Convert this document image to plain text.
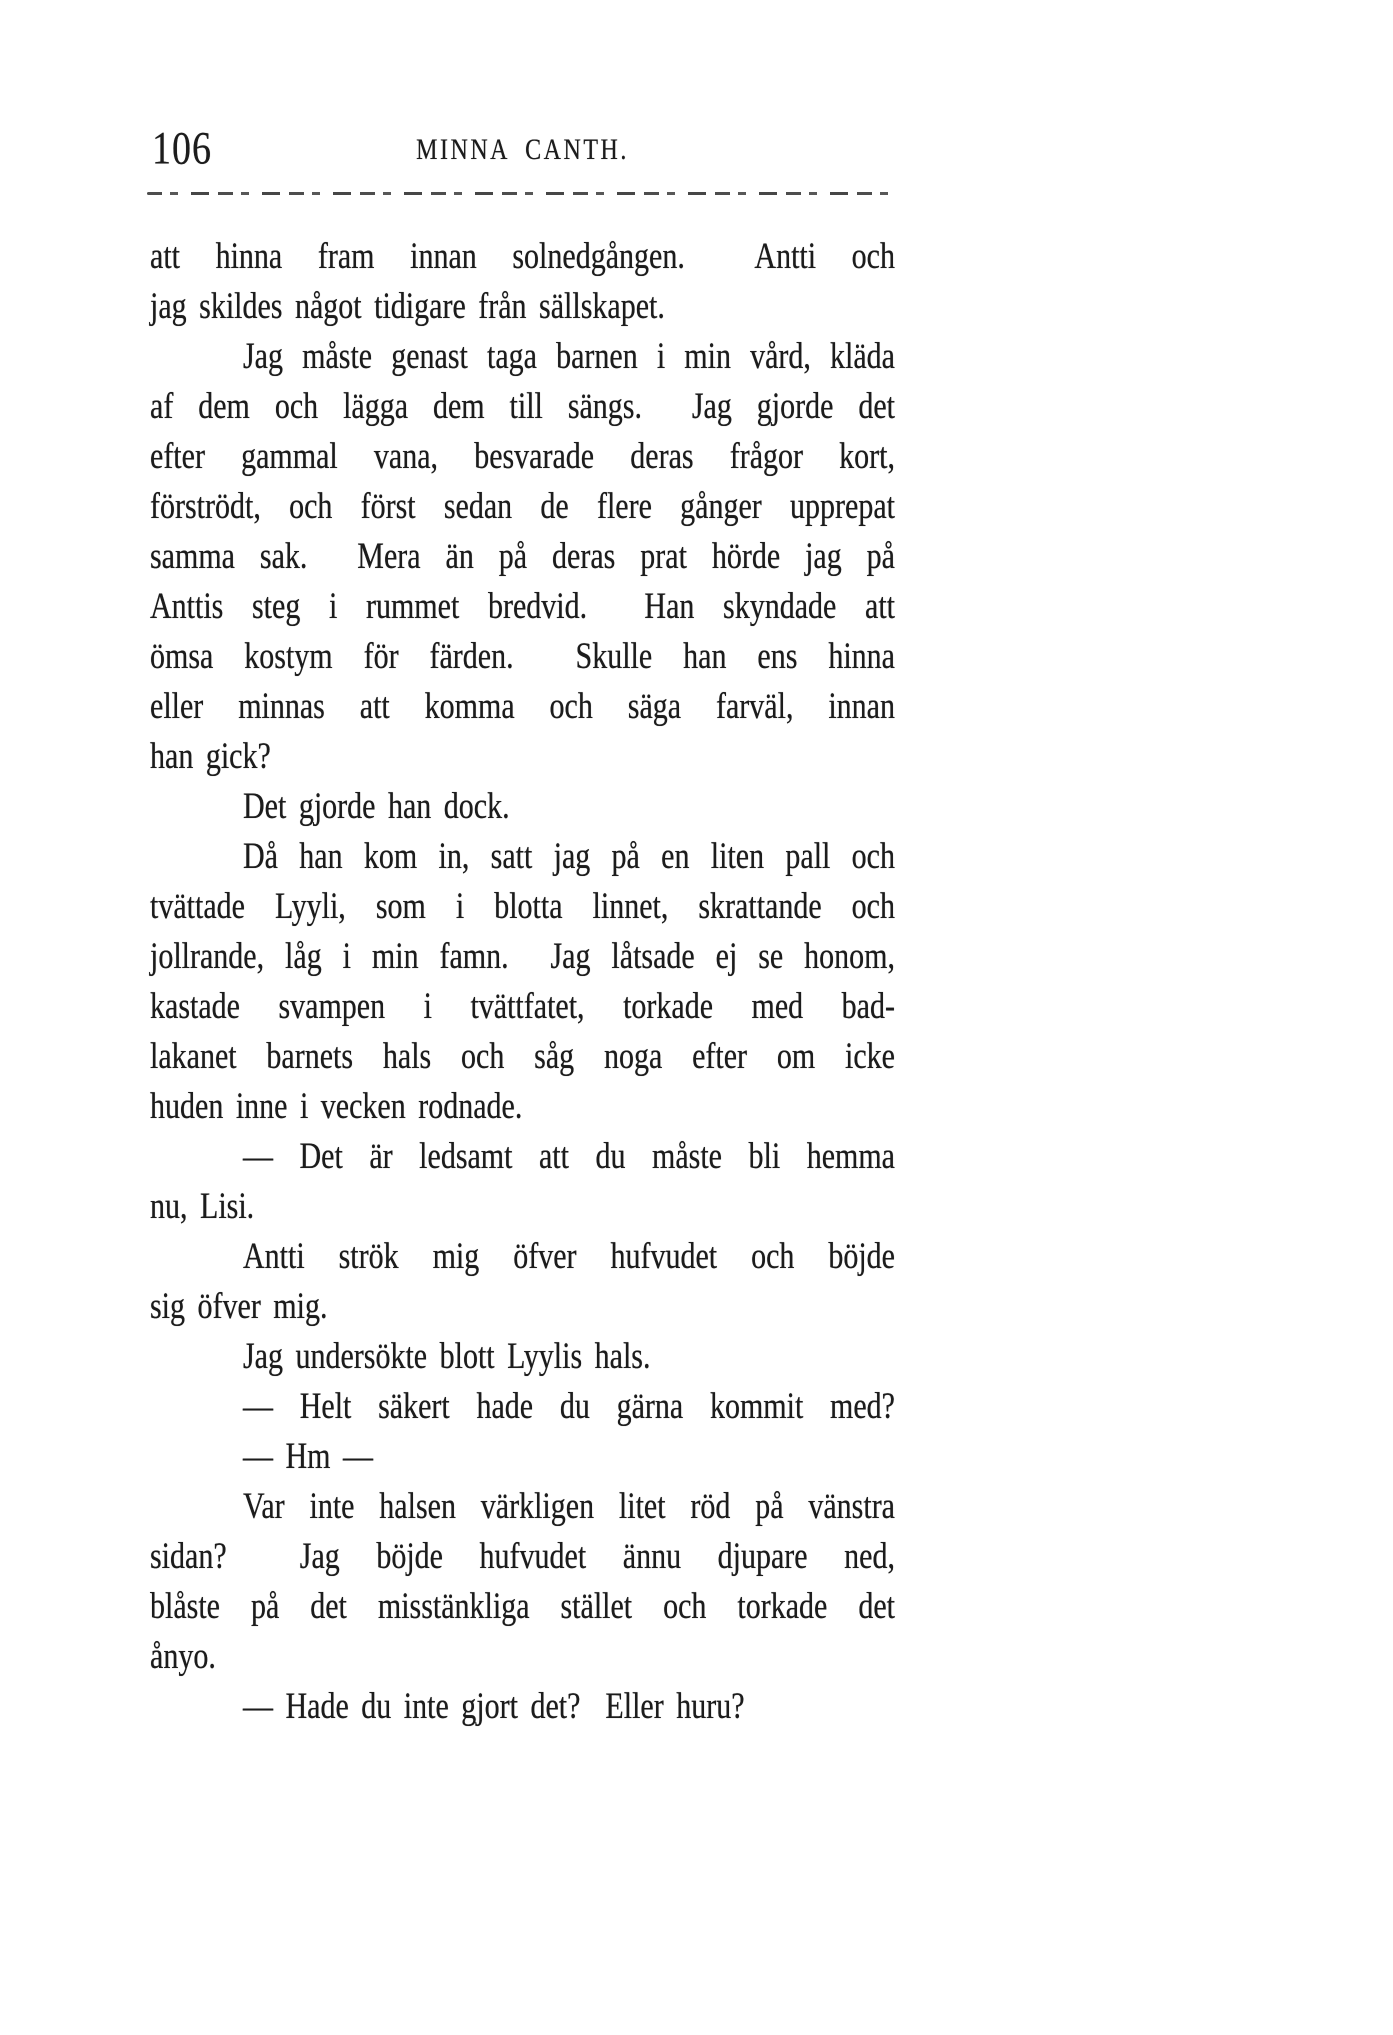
106	MINNA CANTH.
att hinna fram innan solnedgången.  Antti och
jag skildes något tidigare från sällskapet.
Jag måste genast taga barnen i min vård, kläda
af dem och lägga dem till sängs.  Jag gjorde det
efter gammal vana, besvarade deras frågor kort,
förströdt, och först sedan de flere gånger upprepat
samma sak.  Mera än på deras prat hörde jag på
Anttis steg i rummet bredvid.  Han skyndade att
ömsa kostym för färden.  Skulle han ens hinna
eller minnas att komma och säga farväl, innan
han gick?
Det gjorde han dock.
Då han kom in, satt jag på en liten pall och
tvättade Lyyli, som i blotta linnet, skrattande och
jollrande, låg i min famn.  Jag låtsade ej se honom,
kastade svampen i tvättfatet, torkade med bad-
lakanet barnets hals och såg noga efter om icke
huden inne i vecken rodnade.
— Det är ledsamt att du måste bli hemma
nu, Lisi.
Antti strök mig öfver hufvudet och böjde
sig öfver mig.
Jag undersökte blott Lyylis hals.
— Helt säkert hade du gärna kommit med?
— Hm —
Var inte halsen värkligen litet röd på vänstra
sidan?  Jag böjde hufvudet ännu djupare ned,
blåste på det misstänkliga stället och torkade det
ånyo.
— Hade du inte gjort det?  Eller huru?
